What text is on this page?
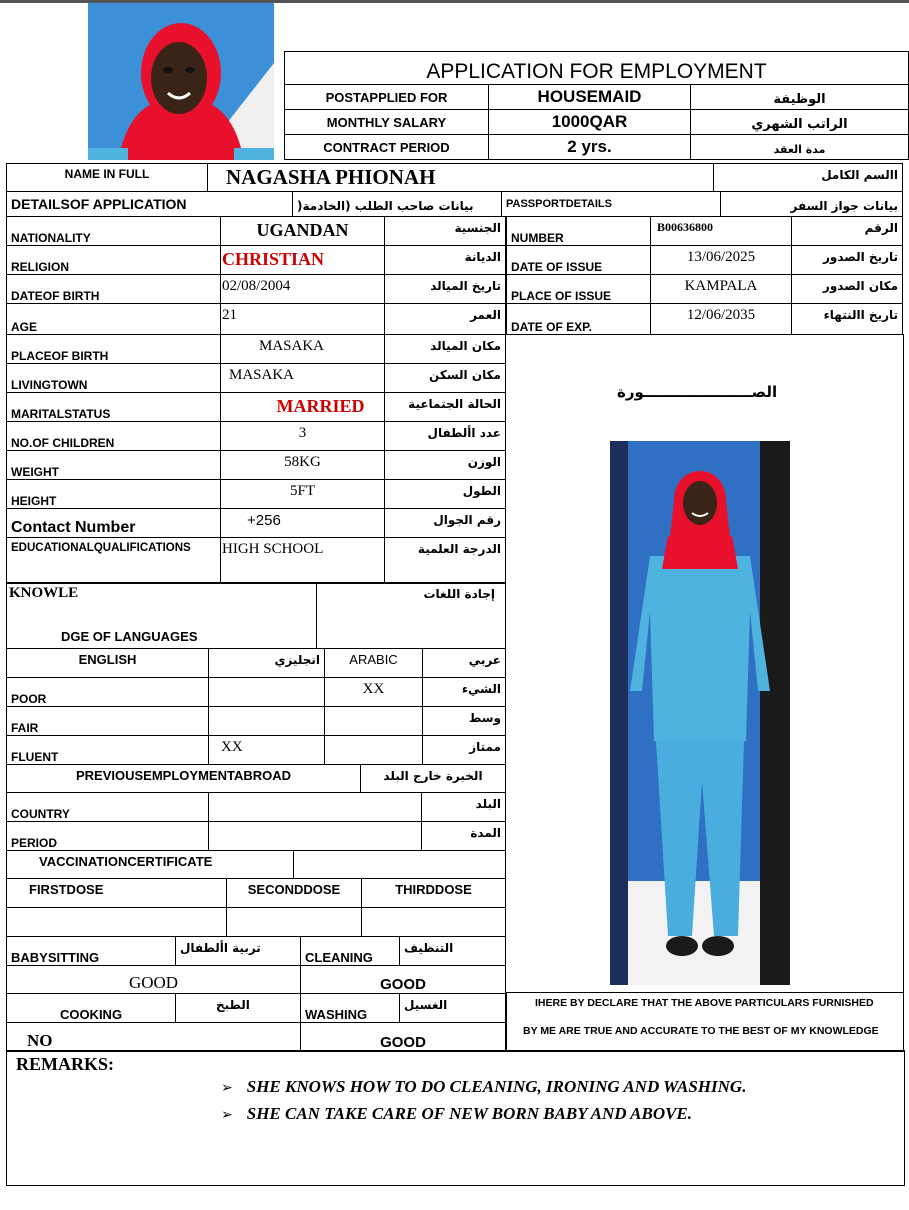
APPLICATION FOR EMPLOYMENT		
POSTAPPLIED FOR	HOUSEMAID	الوظيفة
MONTHLY SALARY	1000QAR	الراتب الشهري
CONTRACT PERIOD	2 yrs.	مدة العقد
NAME IN FULL	NAGASHA PHIONAH	االسم الكامل
DETAILSOF APPLICATION	بيانات صاحب الطلب (الخادمة(	PASSPORTDETAILS	بيانات جواز السفر
NATIONALITY	UGANDAN	الجنسية
RELIGION	CHRISTIAN	الديانة
DATEOF BIRTH	02/08/2004	تاريخ الميالد
AGE	21	العمر
PLACEOF BIRTH	MASAKA	مكان الميالد
LIVINGTOWN	MASAKA	مكان السكن
MARITALSTATUS	MARRIED	الحالة الجتماعية
NO.OF CHILDREN	3	عدد األطفال
WEIGHT	58KG	الوزن
HEIGHT	5FT	الطول
Contact Number	+256	رقم الجوال
EDUCATIONALQUALIFICATIONS	HIGH SCHOOL	الدرجة العلمية
NUMBER	B00636800	الرقم
DATE OF ISSUE	13/06/2025	تاريخ الصدور
PLACE OF ISSUE	KAMPALA	مكان الصدور
DATE OF EXP.	12/06/2035	تاريخ االنتهاء
الصـــــــــــــــــــــورة
KNOWLE
DGE OF LANGUAGES
	إجادة اللغات
ENGLISH	انجليزي	ARABIC	عربي
POOR		XX	الشيء
FAIR			وسط
FLUENT	XX		ممتاز
PREVIOUSEMPLOYMENTABROAD	الخبرة خارج البلد
COUNTRY		البلد
PERIOD		المدة
VACCINATIONCERTIFICATE	
FIRSTDOSE	SECONDDOSE	THIRDDOSE

BABYSITTING	تربية األطفال	CLEANING	التنظيف
GOOD		GOOD	
COOKING	الطبخ	WASHING	الغسيل
NO		GOOD	
IHERE BY DECLARE THAT THE ABOVE PARTICULARS FURNISHED
BY ME ARE TRUE AND ACCURATE TO THE BEST OF MY KNOWLEDGE
REMARKS:
➢ SHE KNOWS HOW TO DO CLEANING, IRONING AND WASHING.
➢ SHE CAN TAKE CARE OF NEW BORN BABY AND ABOVE.
